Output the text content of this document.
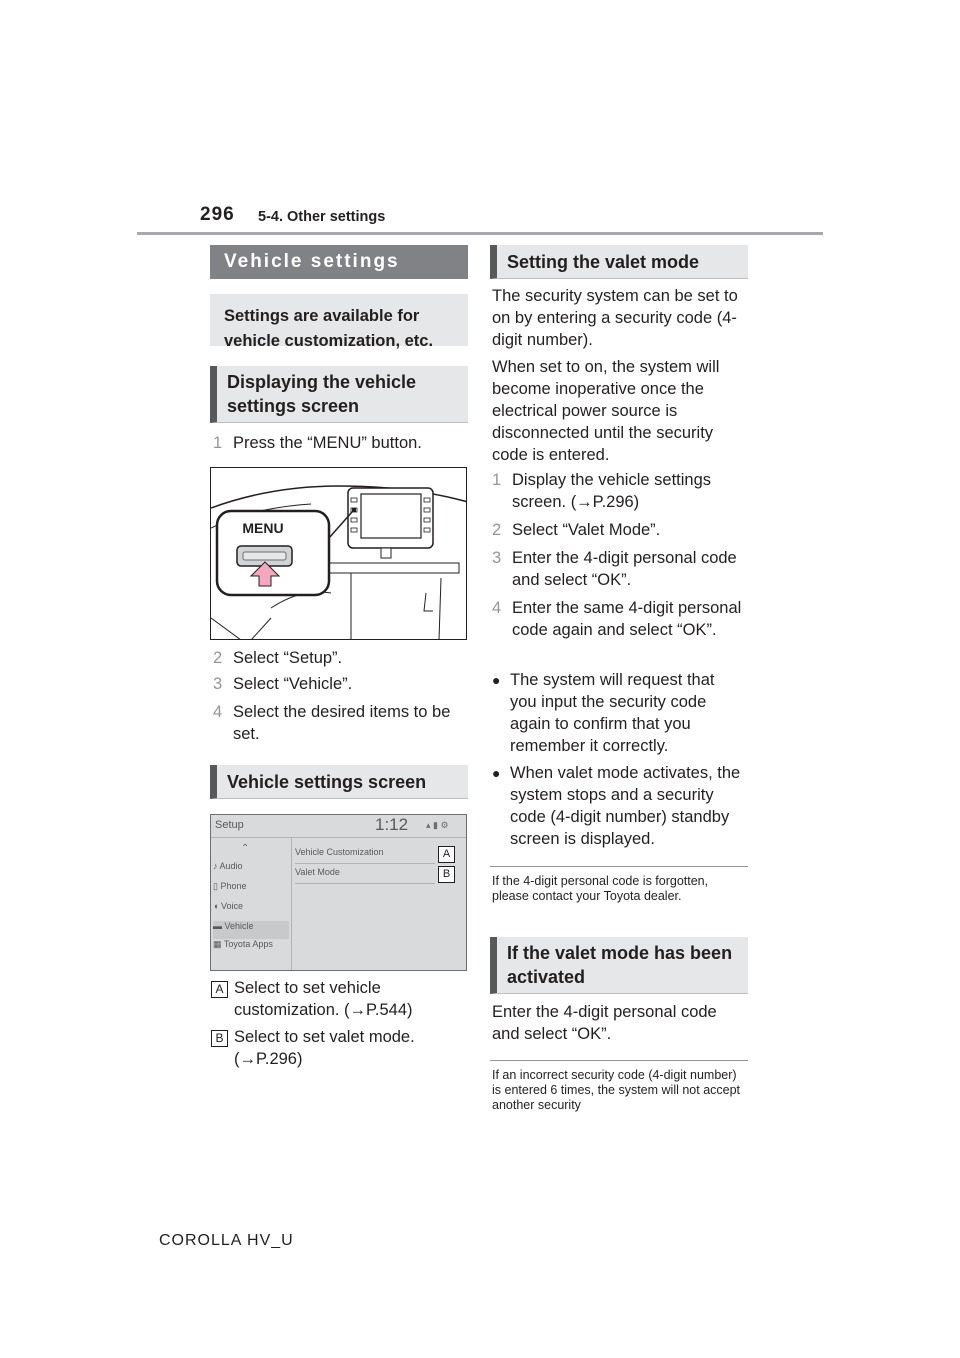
296 5-4. Other settings
Vehicle settings
Settings are available for vehicle customization, etc.
Displaying the vehicle settings screen
1 Press the “MENU” button.
MENU
2 Select “Setup”.
3 Select “Vehicle”.
4 Select the desired items to be set.
Vehicle settings screen
Setup	1:12 ▴ ▮ ⚙
⌃
♪ Audio
▯ Phone
◖ Voice
▬ Vehicle
▦ Toyota Apps
Vehicle Customization
Valet Mode
A
B
A Select to set vehicle customization. (→P.544)
B Select to set valet mode. (→P.296)
Setting the valet mode
The security system can be set to on by entering a security code (4-digit number).
When set to on, the system will become inoperative once the electrical power source is disconnected until the security code is entered.
1 Display the vehicle settings screen. (→P.296)
2 Select “Valet Mode”.
3 Enter the 4-digit personal code and select “OK”.
4 Enter the same 4-digit personal code again and select “OK”.
● The system will request that you input the security code again to confirm that you remember it correctly.
● When valet mode activates, the system stops and a security code (4-digit number) standby screen is displayed.
If the 4-digit personal code is forgotten, please contact your Toyota dealer.
If the valet mode has been activated
Enter the 4-digit personal code and select “OK”.
If an incorrect security code (4-digit number) is entered 6 times, the system will not accept another security
COROLLA HV_U
